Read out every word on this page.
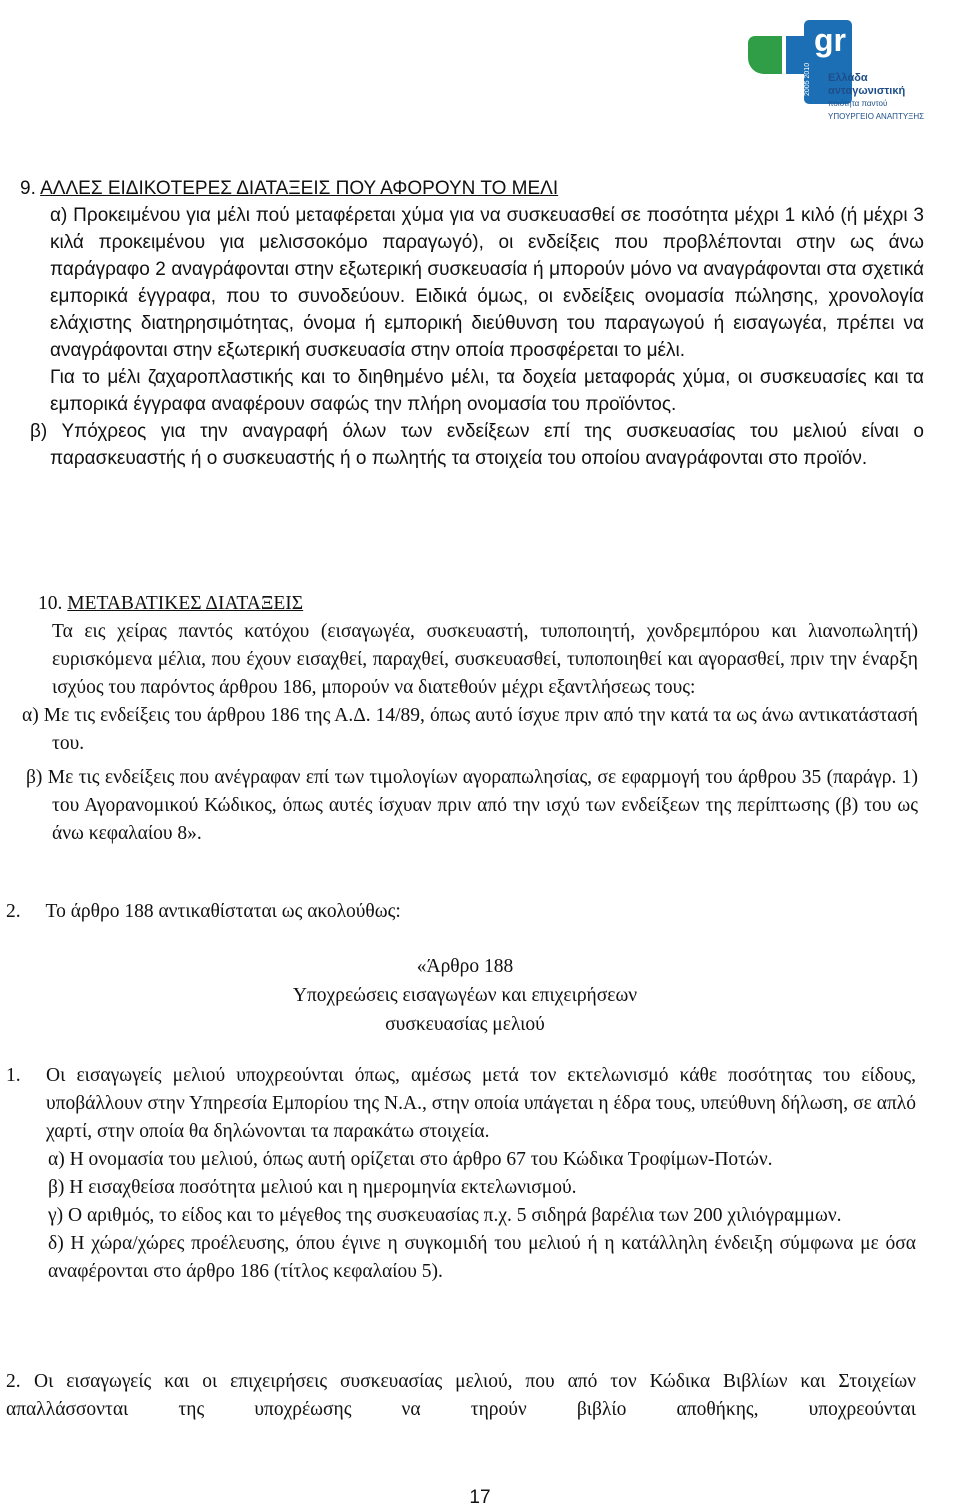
gr
2005 2010	Ελλάδα
ανταγωνιστική
ποιότητα παντού
ΥΠΟΥΡΓΕΙΟ ΑΝΑΠΤΥΞΗΣ

9. ΑΛΛΕΣ ΕΙΔΙΚΟΤΕΡΕΣ ΔΙΑΤΑΞΕΙΣ ΠΟΥ ΑΦΟΡΟΥΝ ΤΟ ΜΕΛΙ

α) Προκειμένου για μέλι πού μεταφέρεται χύμα για να συσκευασθεί σε ποσότητα μέχρι 1 κιλό (ή μέχρι 3 κιλά προκειμένου για μελισσοκόμο παραγωγό), οι ενδείξεις που προβλέπονται στην ως άνω παράγραφο 2 αναγράφονται στην εξωτερική συσκευασία ή μπορούν μόνο να αναγράφονται στα σχετικά εμπορικά έγγραφα, που το συνοδεύουν. Ειδικά όμως, οι ενδείξεις ονομασία πώλησης, χρονολογία ελάχιστης διατηρησιμότητας, όνομα ή εμπορική διεύθυνση του παραγωγού ή εισαγωγέα, πρέπει να αναγράφονται στην εξωτερική συσκευασία στην οποία προσφέρεται το μέλι.

Για το μέλι ζαχαροπλαστικής και το διηθημένο μέλι, τα δοχεία μεταφοράς χύμα, οι συσκευασίες και τα εμπορικά έγγραφα αναφέρουν σαφώς την πλήρη ονομασία του προϊόντος.

β) Υπόχρεος για την αναγραφή όλων των ενδείξεων επί της συσκευασίας του μελιού είναι ο παρασκευαστής ή ο συσκευαστής ή ο πωλητής τα στοιχεία του οποίου αναγράφονται στο προϊόν.

10. ΜΕΤΑΒΑΤΙΚΕΣ ΔΙΑΤΑΞΕΙΣ

Τα εις χείρας παντός κατόχου (εισαγωγέα, συσκευαστή, τυποποιητή, χονδρεμπόρου και λιανοπωλητή) ευρισκόμενα μέλια, που έχουν εισαχθεί, παραχθεί, συσκευασθεί, τυποποιηθεί και αγορασθεί, πριν την έναρξη ισχύος του παρόντος άρθρου 186, μπορούν να διατεθούν μέχρι εξαντλήσεως τους:

α) Με τις ενδείξεις του άρθρου 186 της Α.Δ. 14/89, όπως αυτό ίσχυε πριν από την κατά τα ως άνω αντικατάστασή του.

β) Με τις ενδείξεις που ανέγραφαν επί των τιμολογίων αγοραπωλησίας, σε εφαρμογή του άρθρου 35 (παράγρ. 1) του Αγορανομικού Κώδικος, όπως αυτές ίσχυαν πριν από την ισχύ των ενδείξεων της περίπτωσης (β) του ως άνω κεφαλαίου 8».

2. Το άρθρο 188 αντικαθίσταται ως ακολούθως:

«Άρθρο 188

Υποχρεώσεις εισαγωγέων και επιχειρήσεων

συσκευασίας μελιού

1. Οι εισαγωγείς μελιού υποχρεούνται όπως, αμέσως μετά τον εκτελωνισμό κάθε ποσότητας του είδους, υποβάλλουν στην Υπηρεσία Εμπορίου της Ν.Α., στην οποία υπάγεται η έδρα τους, υπεύθυνη δήλωση, σε απλό χαρτί, στην οποία θα δηλώνονται τα παρακάτω στοιχεία.

α) Η ονομασία του μελιού, όπως αυτή ορίζεται στο άρθρο 67 του Κώδικα Τροφίμων-Ποτών.

β) Η εισαχθείσα ποσότητα μελιού και η ημερομηνία εκτελωνισμού.

γ) Ο αριθμός, το είδος και το μέγεθος της συσκευασίας π.χ. 5 σιδηρά βαρέλια των 200 χιλιόγραμμων.

δ) Η χώρα/χώρες προέλευσης, όπου έγινε η συγκομιδή του μελιού ή η κατάλληλη ένδειξη σύμφωνα με όσα αναφέρονται στο άρθρο 186 (τίτλος κεφαλαίου 5).

2. Οι εισαγωγείς και οι επιχειρήσεις συσκευασίας μελιού, που από τον Κώδικα Βιβλίων και Στοιχείων απαλλάσσονται της υποχρέωσης να τηρούν βιβλίο αποθήκης, υποχρεούνται

17
